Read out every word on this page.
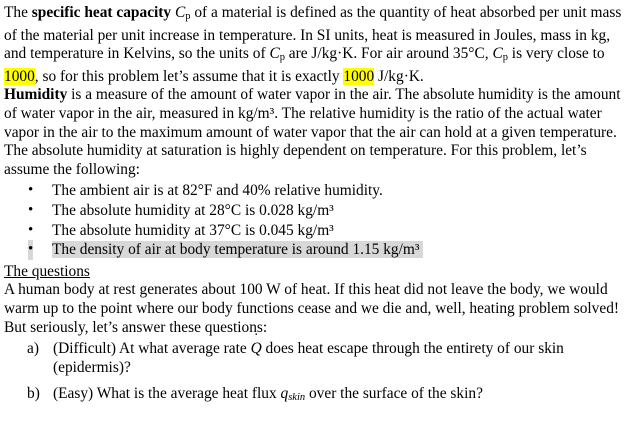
The specific heat capacity Cp of a material is defined as the quantity of heat absorbed per unit mass of the material per unit increase in temperature. In SI units, heat is measured in Joules, mass in kg, and temperature in Kelvins, so the units of Cp are J/kg·K. For air around 35°C, Cp is very close to 1000, so for this problem let’s assume that it is exactly 1000 J/kg·K.

Humidity is a measure of the amount of water vapor in the air. The absolute humidity is the amount of water vapor in the air, measured in kg/m³. The relative humidity is the ratio of the actual water vapor in the air to the maximum amount of water vapor that the air can hold at a given temperature. The absolute humidity at saturation is highly dependent on temperature. For this problem, let’s assume the following:

• The ambient air is at 82°F and 40% relative humidity.
• The absolute humidity at 28°C is 0.028 kg/m³
• The absolute humidity at 37°C is 0.045 kg/m³
• The density of air at body temperature is around 1.15 kg/m³

The questions

A human body at rest generates about 100 W of heat. If this heat did not leave the body, we would warm up to the point where our body functions cease and we die and, well, heating problem solved! But seriously, let’s answer these questions:

a) (Difficult) At what average rate ˙ Q does heat escape through the entirety of our skin (epidermis)?
b) (Easy) What is the average heat flux qskin over the surface of the skin?
